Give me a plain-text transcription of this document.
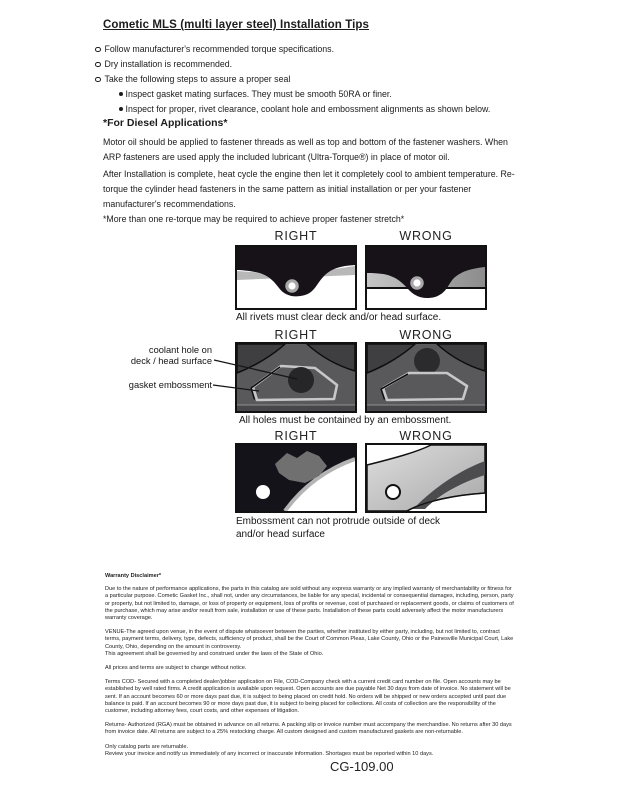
Cometic MLS (multi layer steel) Installation Tips
Follow manufacturer's recommended torque specifications.
Dry installation is recommended.
Take the following steps to assure a proper seal
Inspect gasket mating surfaces. They must be smooth 50RA or finer.
Inspect for proper, rivet clearance, coolant hole and embossment alignments as shown below.
*For Diesel Applications*
Motor oil should be applied to fastener threads as well as top and bottom of the fastener washers. When ARP fasteners are used apply the included lubricant (Ultra-Torque®) in place of motor oil.
After Installation is complete, heat cycle the engine then let it completely cool to ambient temperature. Re-torque the cylinder head fasteners in the same pattern as initial installation or per your fastener manufacturer's recommendations.
*More than one re-torque may be required to achieve proper fastener stretch*
RIGHT	WRONG
All rivets must clear deck and/or head surface.
RIGHT	WRONG
coolant hole on
deck / head surface
gasket embossment
All holes must be contained by an embossment.
RIGHT	WRONG
Embossment can not protrude outside of deck and/or head surface
Warranty Disclaimer*

Due to the nature of performance applications, the parts in this catalog are sold without any express warranty or any implied warranty of merchantability or fitness for a particular purpose. Cometic Gasket Inc., shall not, under any circumstances, be liable for any special, incidental or consequential damages, including, person, party or property, but not limited to, damage, or loss of property or equipment, loss of profits or revenue, cost of purchased or replacement goods, or claims of customers of the purchase, which may arise and/or result from sale, installation or use of these parts. Installation of these parts could adversely affect the motor manufacturers warranty coverage.

VENUE-The agreed upon venue, in the event of dispute whatsoever between the parties, whether instituted by either party, including, but not limited to, contract terms, payment terms, delivery, type, defects, sufficiency of product, shall be the Court of Common Pleas, Lake County, Ohio or the Painesville Municipal Court, Lake County, Ohio, depending on the amount in controversy.

This agreement shall be governed by and construed under the laws of the State of Ohio.

All prices and terms are subject to change without notice.

Terms COD- Secured with a completed dealer/jobber application on File, COD-Company check with a current credit card number on file. Open accounts may be established by well rated firms. A credit application is available upon request. Open accounts are due payable Net 30 days from date of invoice. No statement will be sent. If an account becomes 60 or more days past due, it is subject to being placed on credit hold. No orders will be shipped or new orders accepted until past due balance is paid. If an account becomes 90 or more days past due, it is subject to being placed for collections. All costs of collection are the responsibility of the customer, including attorney fees, court costs, and other expenses of litigation.

Returns- Authorized (RGA) must be obtained in advance on all returns. A packing slip or invoice number must accompany the merchandise. No returns after 30 days from invoice date. All returns are subject to a 25% restocking charge. All custom designed and custom manufactured gaskets are non-returnable.

Only catalog parts are returnable.

Review your invoice and notify us immediately of any incorrect or inaccurate information. Shortages must be reported within 10 days.

CG-109.00
